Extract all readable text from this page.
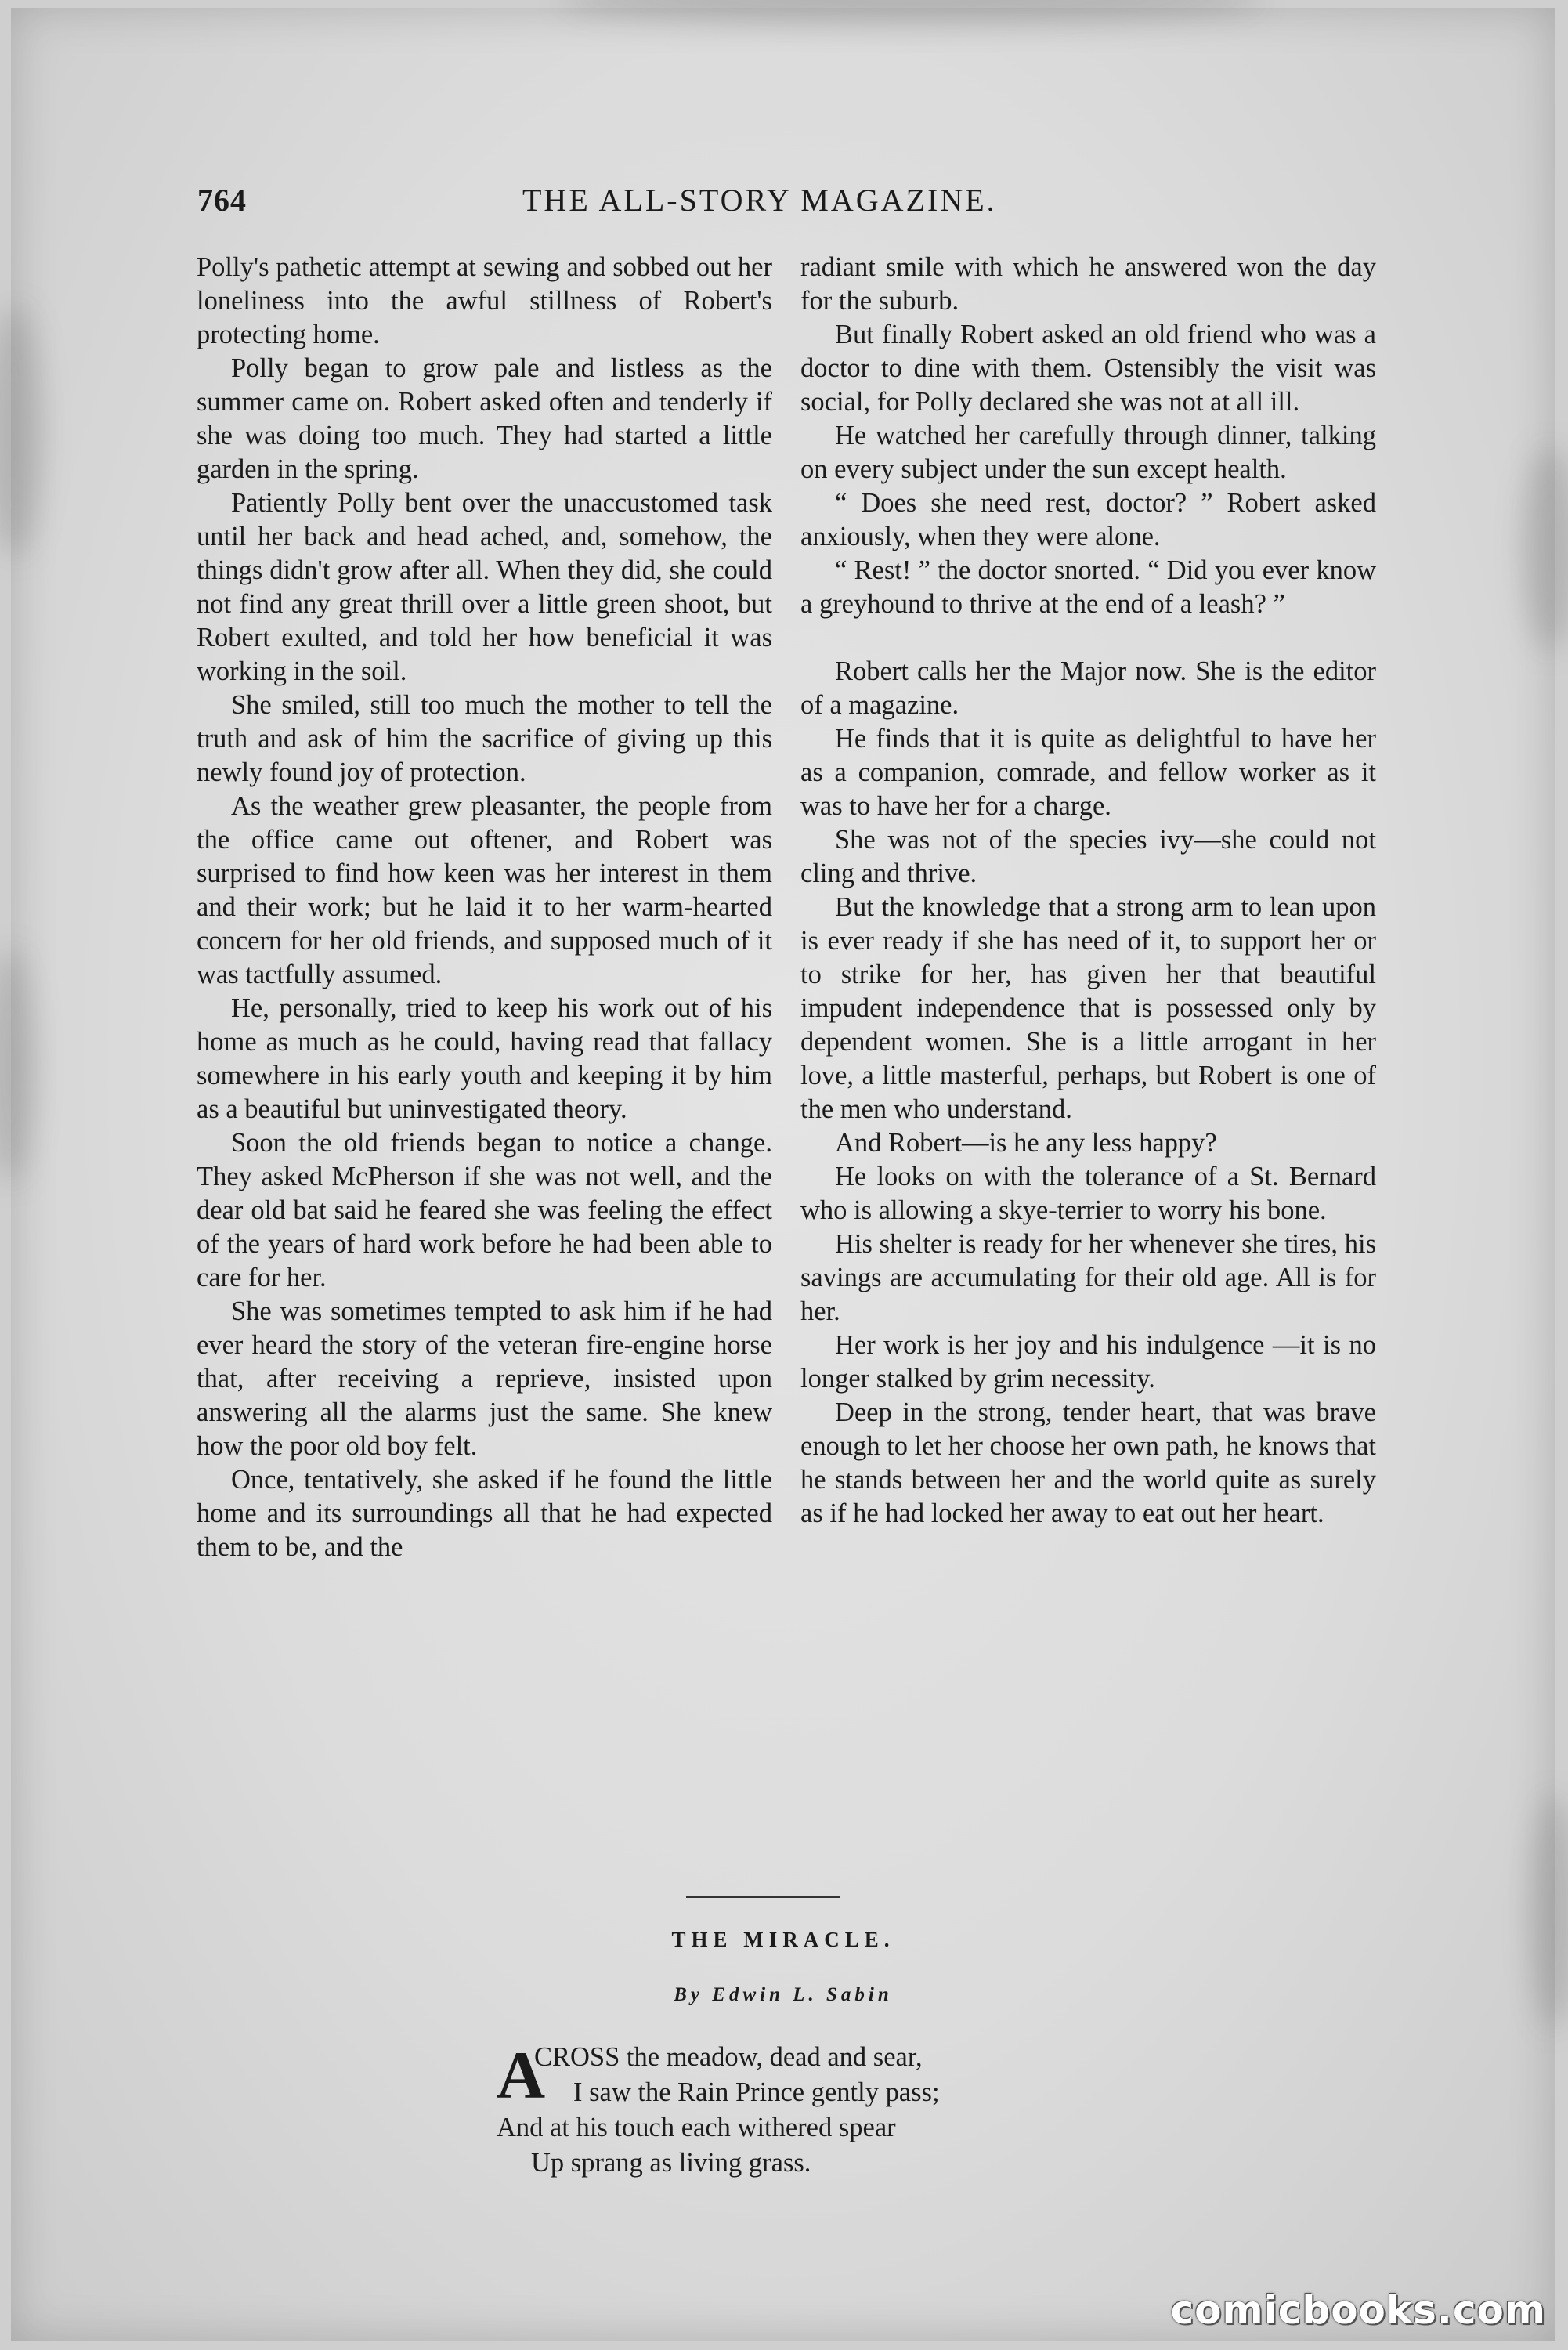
764	THE ALL-STORY MAGAZINE.

Polly's pathetic attempt at sewing and sobbed out her loneliness into the awful stillness of Robert's protecting home.

Polly began to grow pale and listless as the summer came on. Robert asked often and tenderly if she was doing too much. They had started a little garden in the spring.

Patiently Polly bent over the unaccustomed task until her back and head ached, and, somehow, the things didn't grow after all. When they did, she could not find any great thrill over a little green shoot, but Robert exulted, and told her how beneficial it was working in the soil.

She smiled, still too much the mother to tell the truth and ask of him the sacrifice of giving up this newly found joy of protection.

As the weather grew pleasanter, the people from the office came out oftener, and Robert was surprised to find how keen was her interest in them and their work; but he laid it to her warm-hearted concern for her old friends, and supposed much of it was tactfully assumed.

He, personally, tried to keep his work out of his home as much as he could, having read that fallacy somewhere in his early youth and keeping it by him as a beautiful but uninvestigated theory.

Soon the old friends began to notice a change. They asked McPherson if she was not well, and the dear old bat said he feared she was feeling the effect of the years of hard work before he had been able to care for her.

She was sometimes tempted to ask him if he had ever heard the story of the veteran fire-engine horse that, after receiving a reprieve, insisted upon answering all the alarms just the same. She knew how the poor old boy felt.

Once, tentatively, she asked if he found the little home and its surroundings all that he had expected them to be, and the

radiant smile with which he answered won the day for the suburb.

But finally Robert asked an old friend who was a doctor to dine with them. Ostensibly the visit was social, for Polly declared she was not at all ill.

He watched her carefully through dinner, talking on every subject under the sun except health.

“ Does she need rest, doctor? ” Robert asked anxiously, when they were alone.

“ Rest! ” the doctor snorted. “ Did you ever know a greyhound to thrive at the end of a leash? ”

Robert calls her the Major now. She is the editor of a magazine.

He finds that it is quite as delightful to have her as a companion, comrade, and fellow worker as it was to have her for a charge.

She was not of the species ivy—she could not cling and thrive.

But the knowledge that a strong arm to lean upon is ever ready if she has need of it, to support her or to strike for her, has given her that beautiful impudent independence that is possessed only by dependent women. She is a little arrogant in her love, a little masterful, perhaps, but Robert is one of the men who understand.

And Robert—is he any less happy?

He looks on with the tolerance of a St. Bernard who is allowing a skye-terrier to worry his bone.

His shelter is ready for her whenever she tires, his savings are accumulating for their old age. All is for her.

Her work is her joy and his indulgence —it is no longer stalked by grim necessity.

Deep in the strong, tender heart, that was brave enough to let her choose her own path, he knows that he stands between her and the world quite as surely as if he had locked her away to eat out her heart.

THE MIRACLE.
By Edwin L. Sabin
A
CROSS the meadow, dead and sear,
I saw the Rain Prince gently pass;
And at his touch each withered spear
Up sprang as living grass.
comicbooks.com
